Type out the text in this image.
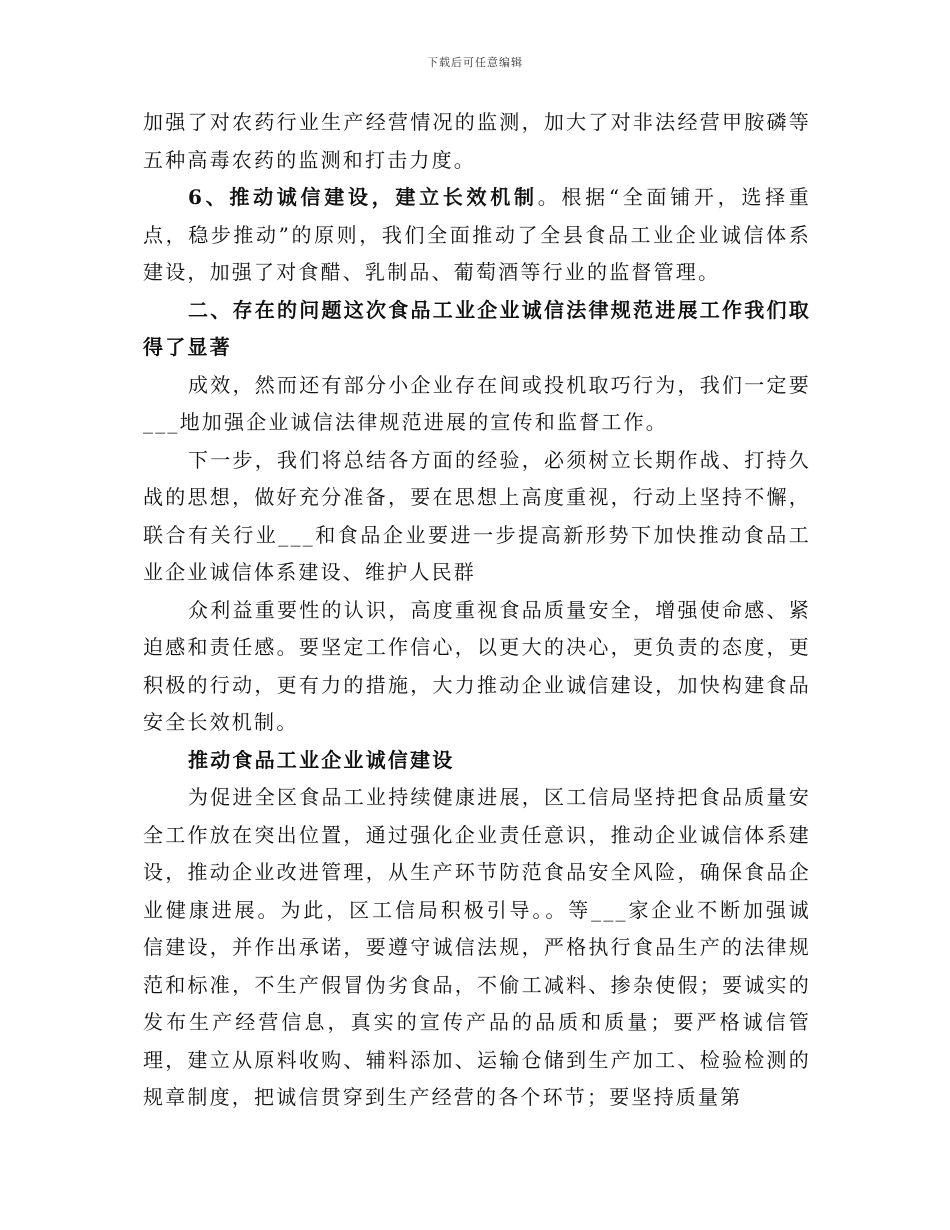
下载后可任意编辑

加强了对农药行业生产经营情况的监测，加大了对非法经营甲胺磷等五种高毒农药的监测和打击力度。

6、推动诚信建设，建立长效机制。根据“全面铺开，选择重点，稳步推动”的原则，我们全面推动了全县食品工业企业诚信体系建设，加强了对食醋、乳制品、葡萄酒等行业的监督管理。

二、存在的问题这次食品工业企业诚信法律规范进展工作我们取得了显著

成效，然而还有部分小企业存在间或投机取巧行为，我们一定要___地加强企业诚信法律规范进展的宣传和监督工作。

下一步，我们将总结各方面的经验，必须树立长期作战、打持久战的思想，做好充分准备，要在思想上高度重视，行动上坚持不懈，联合有关行业___和食品企业要进一步提高新形势下加快推动食品工业企业诚信体系建设、维护人民群

众利益重要性的认识，高度重视食品质量安全，增强使命感、紧迫感和责任感。要坚定工作信心，以更大的决心，更负责的态度，更积极的行动，更有力的措施，大力推动企业诚信建设，加快构建食品安全长效机制。

推动食品工业企业诚信建设

为促进全区食品工业持续健康进展，区工信局坚持把食品质量安全工作放在突出位置，通过强化企业责任意识，推动企业诚信体系建设，推动企业改进管理，从生产环节防范食品安全风险，确保食品企业健康进展。为此，区工信局积极引导。。等___家企业不断加强诚信建设，并作出承诺，要遵守诚信法规，严格执行食品生产的法律规范和标准，不生产假冒伪劣食品，不偷工减料、掺杂使假；要诚实的发布生产经营信息，真实的宣传产品的品质和质量；要严格诚信管理，建立从原料收购、辅料添加、运输仓储到生产加工、检验检测的规章制度，把诚信贯穿到生产经营的各个环节；要坚持质量第
